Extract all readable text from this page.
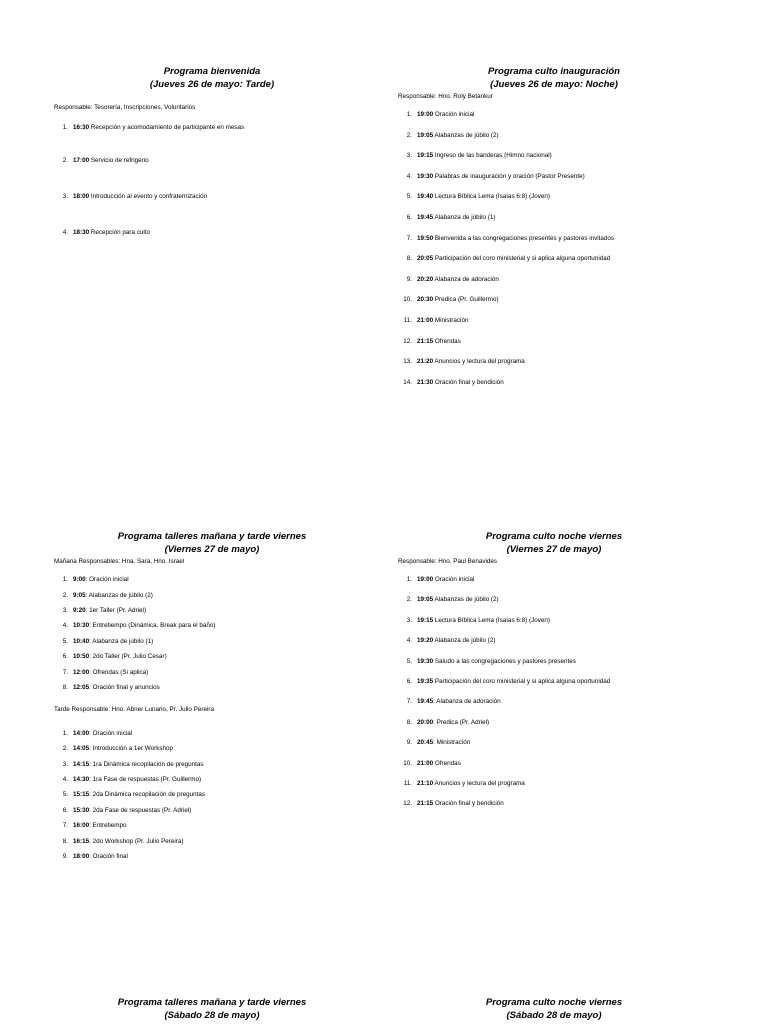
Programa bienvenida
(Jueves 26 de mayo: Tarde)
Responsable: Tesorería, Inscripciones, Voluntarios
1. 16:30 Recepción y acomodamiento de participante en mesas
2. 17:00 Servicio de refrigerio
3. 18:00 Introducción al evento y confraternización
4. 18:30 Recepción para culto
Programa culto inauguración
(Jueves 26 de mayo: Noche)
Responsable: Hno. Roly Betankur
1. 19:00 Oración inicial
2. 19:05 Alabanzas de júbilo (2)
3. 19:15 Ingreso de las banderas (Himno nacional)
4. 19:30 Palabras de inauguración y oración (Pastor Presente)
5. 19:40 Lectura Bíblica Lema (Isaías 6:8) (Joven)
6. 19:45 Alabanza de júbilo (1)
7. 19:50 Bienvenida a las congregaciones presentes y pastores invitados
8. 20:05 Participación del coro ministerial y si aplica alguna oportunidad
9. 20:20 Alabanza de adoración
10. 20:30 Predica (Pr. Guillermo)
11. 21:00 Ministración
12. 21:15 Ofrendas
13. 21:20 Anuncios y lectura del programa
14. 21:30 Oración final y bendición
Programa talleres mañana y tarde viernes
(Viernes 27 de mayo)
Mañana Responsables: Hna. Sara, Hno. Israel
1. 9:00: Oración inicial
2. 9:05: Alabanzas de júbilo (2)
3. 9:20: 1er Taller (Pr. Adriel)
4. 10:30: Entretiempo (Dinámica, Break para el baño)
5. 10:40: Alabanza de júbilo (1)
6. 10:50: 2do Taller (Pr. Julio Cesar)
7. 12:00: Ofrendas (Si aplica)
8. 12:05: Oración final y anuncios
Tarde Responsable: Hno. Abner Lunario, Pr. Julio Pereira
1. 14:00: Oración inicial
2. 14:05: Introducción a 1er Workshop
3. 14:15: 1ra Dinámica recopilación de preguntas
4. 14:30: 1ra Fase de respuestas (Pr. Guillermo)
5. 15:15: 2da Dinámica recopilación de preguntas
6. 15:30: 2da Fase de respuestas (Pr. Adriel)
7. 16:00: Entretiempo
8. 16:15: 2do Workshop (Pr. Julio Pereira)
9. 18:00: Oración final
Programa culto noche viernes
(Viernes 27 de mayo)
Responsable: Hno. Paul Benavides
1. 19:00 Oración inicial
2. 19:05 Alabanzas de júbilo (2)
3. 19:15 Lectura Bíblica Lema (Isaías 6:8) (Joven)
4. 19:20 Alabanza de júbilo (2)
5. 19:30 Saludo a las congregaciones y pastores presentes
6. 19:35 Participación del coro ministerial y si aplica alguna oportunidad
7. 19:45: Alabanza de adoración
8. 20:00: Predica (Pr. Adriel)
9. 20:45: Ministración
10. 21:00 Ofrendas
11. 21:10 Anuncios y lectura del programa
12. 21:15 Oración final y bendición
Programa talleres mañana y tarde viernes
(Sábado 28 de mayo)
Programa culto noche viernes
(Sábado 28 de mayo)
